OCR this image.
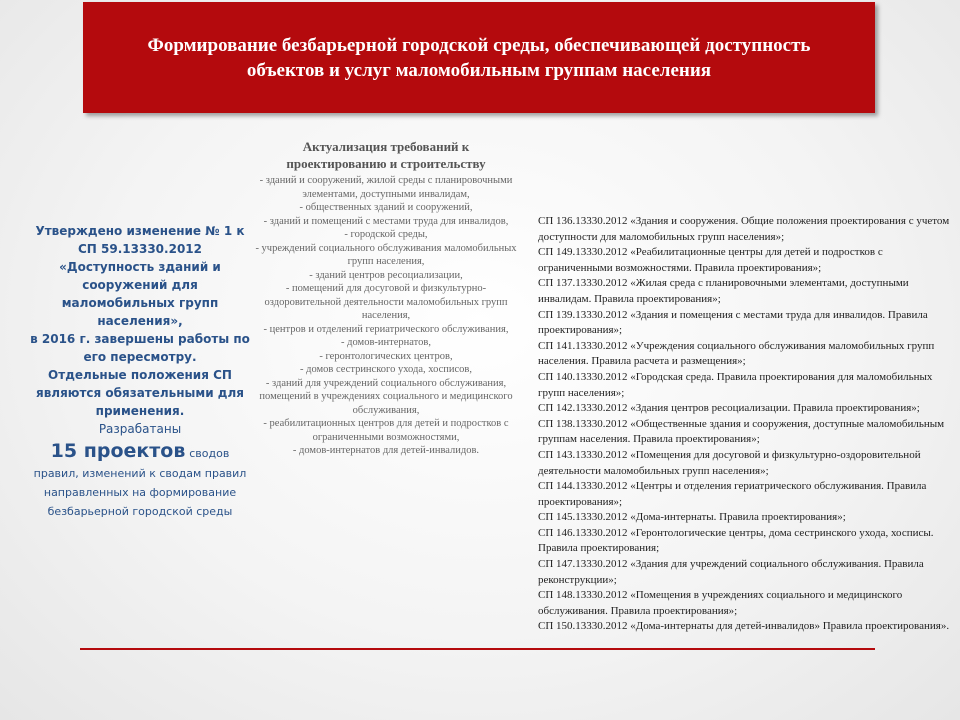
Формирование безбарьерной городской среды, обеспечивающей доступность объектов и услуг маломобильным группам населения
Утверждено изменение № 1 к СП 59.13330.2012 «Доступность зданий и сооружений для маломобильных групп населения»,
в 2016 г. завершены работы по его пересмотру.
Отдельные положения СП являются обязательными для применения.
Разрабатаны
15 проектов сводов правил, изменений к сводам правил направленных на формирование безбарьерной городской среды
Актуализация требований к проектированию и строительству
- зданий и сооружений, жилой среды с планировочными элементами, доступными инвалидам,
- общественных зданий и сооружений,
- зданий и помещений с местами труда для инвалидов,
- городской среды,
- учреждений социального обслуживания маломобильных групп населения,
- зданий центров ресоциализации,
- помещений для досуговой и физкультурно-оздоровительной деятельности маломобильных групп населения,
- центров и отделений гериатрического обслуживания,
- домов-интернатов,
- геронтологических центров,
- домов сестринского ухода, хосписов,
- зданий для учреждений социального обслуживания, помещений в учреждениях социального и медицинского обслуживания,
- реабилитационных центров для детей и подростков с ограниченными возможностями,
- домов-интернатов для детей-инвалидов.

СП 136.13330.2012 «Здания и сооружения. Общие положения проектирования с учетом доступности для маломобильных групп населения»;

СП 149.13330.2012 «Реабилитационные центры для детей и подростков с ограниченными возможностями. Правила проектирования»;

СП 137.13330.2012 «Жилая среда с планировочными элементами, доступными инвалидам. Правила проектирования»;

СП 139.13330.2012 «Здания и помещения с местами труда для инвалидов. Правила проектирования»;

СП 141.13330.2012 «Учреждения социального обслуживания маломобильных групп населения. Правила расчета и размещения»;

СП 140.13330.2012 «Городская среда. Правила проектирования для маломобильных групп населения»;

СП 142.13330.2012 «Здания центров ресоциализации. Правила проектирования»;

СП 138.13330.2012 «Общественные здания и сооружения, доступные маломобильным группам населения. Правила проектирования»;

СП 143.13330.2012 «Помещения для досуговой и физкультурно-оздоровительной деятельности маломобильных групп населения»;

СП 144.13330.2012 «Центры и отделения гериатрического обслуживания. Правила проектирования»;

СП 145.13330.2012 «Дома-интернаты. Правила проектирования»;

СП 146.13330.2012 «Геронтологические центры, дома сестринского ухода, хосписы. Правила проектирования;

СП 147.13330.2012 «Здания для учреждений социального обслуживания. Правила реконструкции»;

СП 148.13330.2012 «Помещения в учреждениях социального и медицинского обслуживания. Правила проектирования»;

СП 150.13330.2012 «Дома-интернаты для детей-инвалидов» Правила проектирования».
